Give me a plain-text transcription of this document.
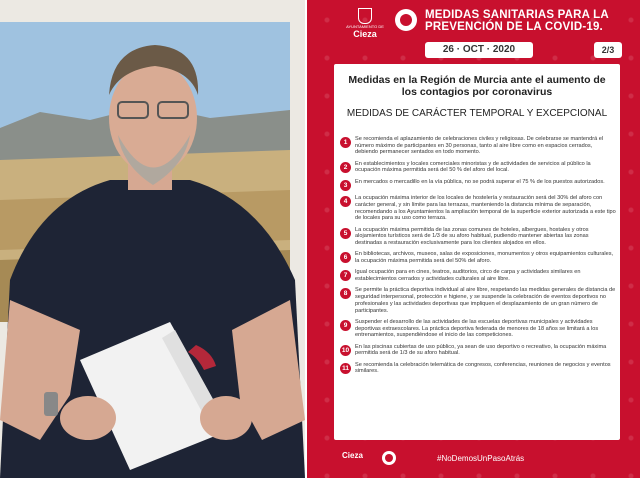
AYUNTAMIENTO DE
Cieza
MEDIDAS SANITARIAS PARA LA PREVENCIÓN DE LA COVID-19.
26 · OCT · 2020	2/3
Medidas en la Región de Murcia ante el aumento de los contagios por coronavirus
MEDIDAS DE CARÁCTER TEMPORAL Y EXCEPCIONAL
1	Se recomienda el aplazamiento de celebraciones civiles y religiosas. De celebrarse se mantendrá el número máximo de participantes en 30 personas, tanto al aire libre como en espacios cerrados, debiendo permanecer sentados en todo momento.
2	En establecimientos y locales comerciales minoristas y de actividades de servicios al público la ocupación máxima permitida será del 50 % del aforo del local.
3	En mercados o mercadillo en la vía pública, no se podrá superar el 75 % de los puestos autorizados.
4	La ocupación máxima interior de los locales de hostelería y restauración será del 30% del aforo con carácter general, y sin límite para las terrazas, manteniendo la distancia mínima de separación, recomendando a los Ayuntamientos la ampliación temporal de la superficie exterior autorizada a este tipo de locales para su uso como terraza.
5	La ocupación máxima permitida de las zonas comunes de hoteles, albergues, hostales y otros alojamientos turísticos será de 1/3 de su aforo habitual, pudiendo mantener abiertas las zonas destinadas a restauración exclusivamente para los clientes alojados en ellos.
6	En bibliotecas, archivos, museos, salas de exposiciones, monumentos y otros equipamientos culturales, la ocupación máxima permitida será del 50% del aforo.
7	Igual ocupación para en cines, teatros, auditorios, circo de carpa y actividades similares en establecimientos cerrados y actividades culturales al aire libre.
8	Se permite la práctica deportiva individual al aire libre, respetando las medidas generales de distancia de seguridad interpersonal, protección e higiene, y se suspende la celebración de eventos deportivos no profesionales y las actividades deportivas que impliquen el desplazamiento de un gran número de participantes.
9	Suspender el desarrollo de las actividades de las escuelas deportivas municipales y actividades deportivas extraescolares. La práctica deportiva federada de menores de 18 años se limitará a los entrenamientos, suspendiéndose el inicio de las competiciones.
10	En las piscinas cubiertas de uso público, ya sean de uso deportivo o recreativo, la ocupación máxima permitida será de 1/3 de su aforo habitual.
11	Se recomienda la celebración telemática de congresos, conferencias, reuniones de negocios y eventos similares.
Cieza	#NoDemosUnPasoAtrás
